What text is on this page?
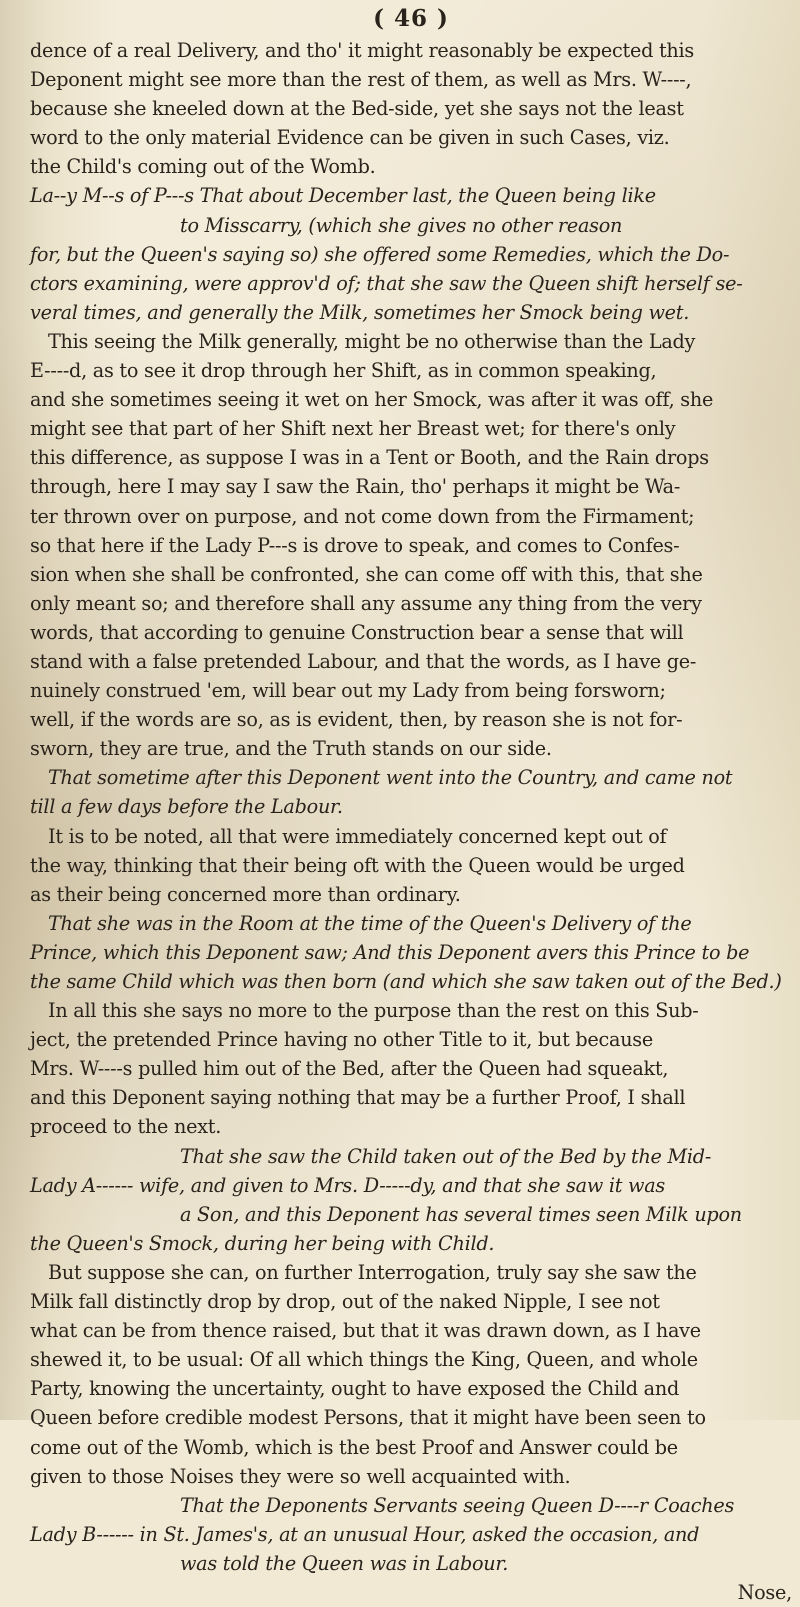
( 46 )
dence of a real Delivery, and tho' it might reasonably be expected this
Deponent might see more than the rest of them, as well as Mrs. W----,
because she kneeled down at the Bed-side, yet she says not the least
word to the only material Evidence can be given in such Cases, viz.
the Child's coming out of the Womb.
La--y M--s of P---s That about December last, the Queen being like
to Misscarry, (which she gives no other reason
for, but the Queen's saying so) she offered some Remedies, which the Do-
ctors examining, were approv'd of; that she saw the Queen shift herself se-
veral times, and generally the Milk, sometimes her Smock being wet.
This seeing the Milk generally, might be no otherwise than the Lady
E----d, as to see it drop through her Shift, as in common speaking,
and she sometimes seeing it wet on her Smock, was after it was off, she
might see that part of her Shift next her Breast wet; for there's only
this difference, as suppose I was in a Tent or Booth, and the Rain drops
through, here I may say I saw the Rain, tho' perhaps it might be Wa-
ter thrown over on purpose, and not come down from the Firmament;
so that here if the Lady P---s is drove to speak, and comes to Confes-
sion when she shall be confronted, she can come off with this, that she
only meant so; and therefore shall any assume any thing from the very
words, that according to genuine Construction bear a sense that will
stand with a false pretended Labour, and that the words, as I have ge-
nuinely construed 'em, will bear out my Lady from being forsworn;
well, if the words are so, as is evident, then, by reason she is not for-
sworn, they are true, and the Truth stands on our side.
That sometime after this Deponent went into the Country, and came not
till a few days before the Labour.
It is to be noted, all that were immediately concerned kept out of
the way, thinking that their being oft with the Queen would be urged
as their being concerned more than ordinary.
That she was in the Room at the time of the Queen's Delivery of the
Prince, which this Deponent saw; And this Deponent avers this Prince to be
the same Child which was then born (and which she saw taken out of the Bed.)
In all this she says no more to the purpose than the rest on this Sub-
ject, the pretended Prince having no other Title to it, but because
Mrs. W----s pulled him out of the Bed, after the Queen had squeakt,
and this Deponent saying nothing that may be a further Proof, I shall
proceed to the next.
That she saw the Child taken out of the Bed by the Mid-
Lady A------ wife, and given to Mrs. D-----dy, and that she saw it was
a Son, and this Deponent has several times seen Milk upon
the Queen's Smock, during her being with Child.
But suppose she can, on further Interrogation, truly say she saw the
Milk fall distinctly drop by drop, out of the naked Nipple, I see not
what can be from thence raised, but that it was drawn down, as I have
shewed it, to be usual: Of all which things the King, Queen, and whole
Party, knowing the uncertainty, ought to have exposed the Child and
Queen before credible modest Persons, that it might have been seen to
come out of the Womb, which is the best Proof and Answer could be
given to those Noises they were so well acquainted with.
That the Deponents Servants seeing Queen D----r Coaches
Lady B------ in St. James's, at an unusual Hour, asked the occasion, and
was told the Queen was in Labour.
Nose,
